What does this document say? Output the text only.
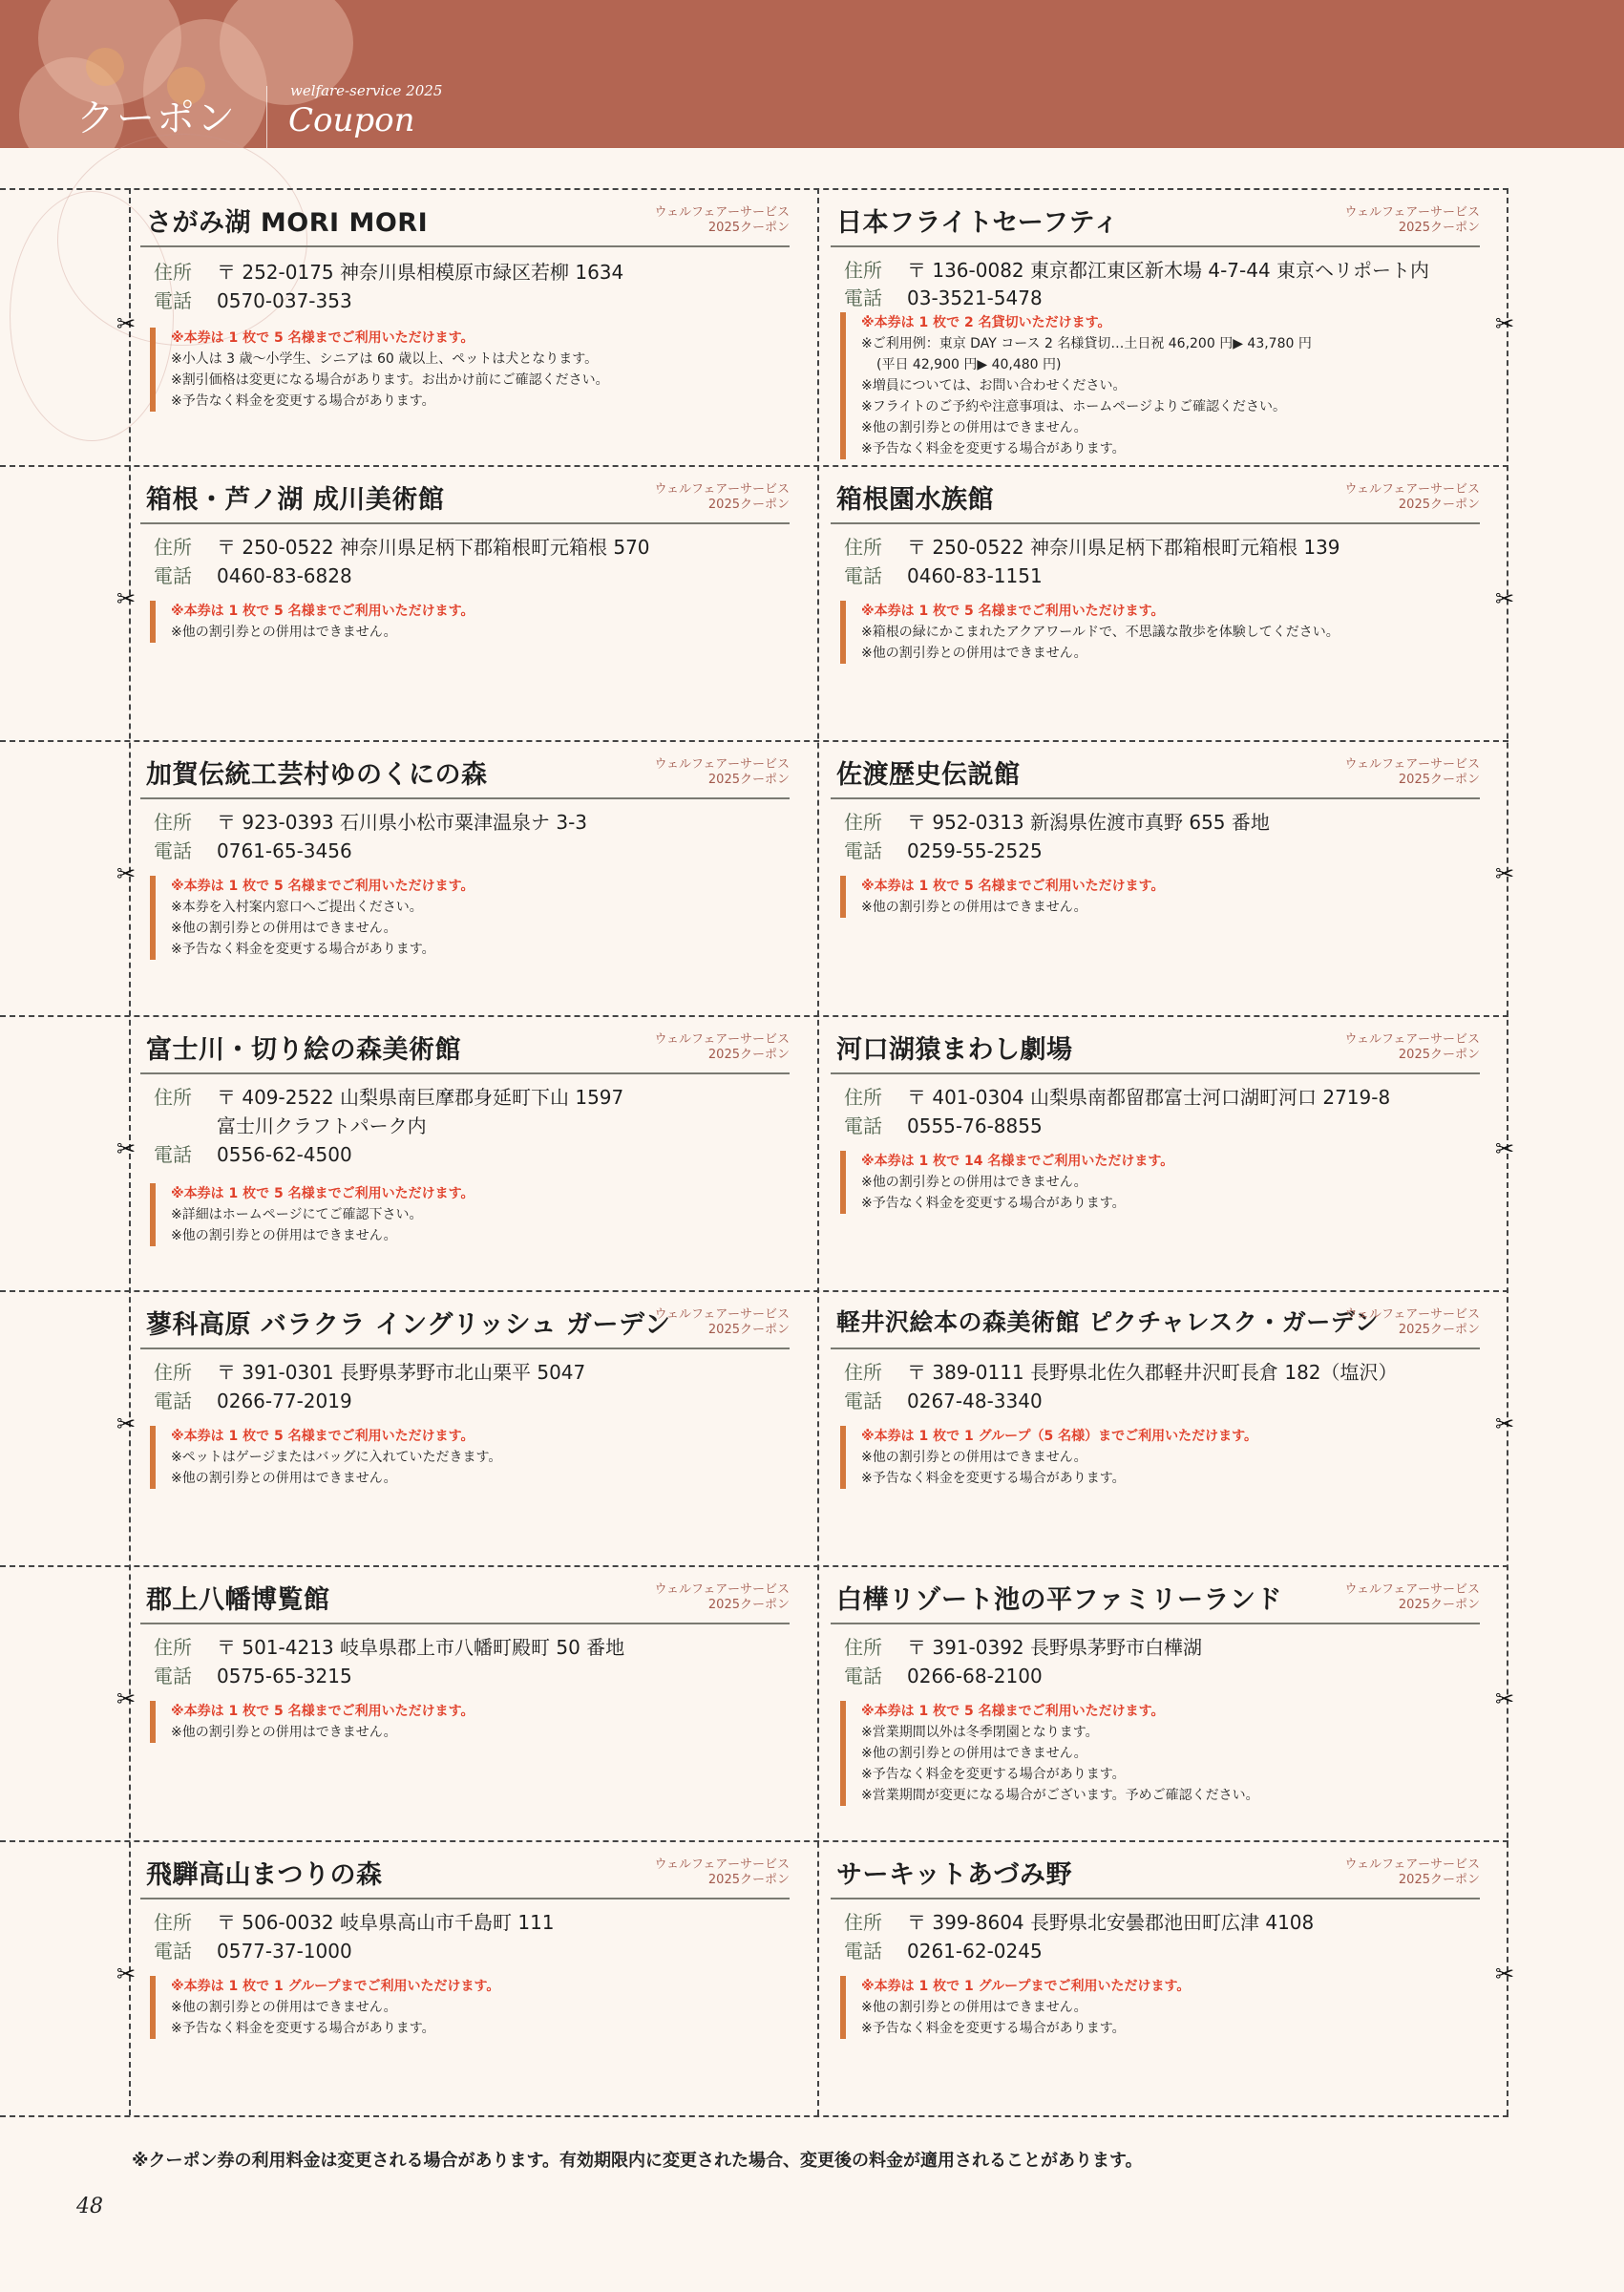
クーポン
welfare-service 2025
Coupon
✂	✂
✂	✂
✂	✂
✂	✂
✂	✂
✂	✂
✂	✂
さがみ湖 MORI MORI	ウェルフェアーサービス
2025クーポン
住所 〒 252-0175 神奈川県相模原市緑区若柳 1634
電話 0570-037-353
※本券は 1 枚で 5 名様までご利用いただけます。
※小人は 3 歳～小学生、シニアは 60 歳以上、ペットは犬となります。
※割引価格は変更になる場合があります。お出かけ前にご確認ください。
※予告なく料金を変更する場合があります。
日本フライトセーフティ	ウェルフェアーサービス
2025クーポン
住所 〒 136-0082 東京都江東区新木場 4-7-44 東京ヘリポート内
電話 03-3521-5478
※本券は 1 枚で 2 名貸切いただけます。
※ご利用例：東京 DAY コース 2 名様貸切…土日祝 46,200 円▶ 43,780 円
(平日 42,900 円▶ 40,480 円)
※増員については、お問い合わせください。
※フライトのご予約や注意事項は、ホームページよりご確認ください。
※他の割引券との併用はできません。
※予告なく料金を変更する場合があります。
箱根・芦ノ湖 成川美術館	ウェルフェアーサービス
2025クーポン
住所 〒 250-0522 神奈川県足柄下郡箱根町元箱根 570
電話 0460-83-6828
※本券は 1 枚で 5 名様までご利用いただけます。
※他の割引券との併用はできません。
箱根園水族館	ウェルフェアーサービス
2025クーポン
住所 〒 250-0522 神奈川県足柄下郡箱根町元箱根 139
電話 0460-83-1151
※本券は 1 枚で 5 名様までご利用いただけます。
※箱根の緑にかこまれたアクアワールドで、不思議な散歩を体験してください。
※他の割引券との併用はできません。
加賀伝統工芸村ゆのくにの森	ウェルフェアーサービス
2025クーポン
住所 〒 923-0393 石川県小松市粟津温泉ナ 3-3
電話 0761-65-3456
※本券は 1 枚で 5 名様までご利用いただけます。
※本券を入村案内窓口へご提出ください。
※他の割引券との併用はできません。
※予告なく料金を変更する場合があります。
佐渡歴史伝説館	ウェルフェアーサービス
2025クーポン
住所 〒 952-0313 新潟県佐渡市真野 655 番地
電話 0259-55-2525
※本券は 1 枚で 5 名様までご利用いただけます。
※他の割引券との併用はできません。
富士川・切り絵の森美術館	ウェルフェアーサービス
2025クーポン
住所 〒 409-2522 山梨県南巨摩郡身延町下山 1597
富士川クラフトパーク内
電話 0556-62-4500
※本券は 1 枚で 5 名様までご利用いただけます。
※詳細はホームページにてご確認下さい。
※他の割引券との併用はできません。
河口湖猿まわし劇場	ウェルフェアーサービス
2025クーポン
住所 〒 401-0304 山梨県南都留郡富士河口湖町河口 2719-8
電話 0555-76-8855
※本券は 1 枚で 14 名様までご利用いただけます。
※他の割引券との併用はできません。
※予告なく料金を変更する場合があります。
蓼科高原 バラクラ イングリッシュ ガーデン
ウェルフェアーサービス
2025クーポン
住所 〒 391-0301 長野県茅野市北山栗平 5047
電話 0266-77-2019
※本券は 1 枚で 5 名様までご利用いただけます。
※ペットはゲージまたはバッグに入れていただきます。
※他の割引券との併用はできません。
軽井沢絵本の森美術館 ピクチャレスク・ガーデン
ウェルフェアーサービス
2025クーポン
住所 〒 389-0111 長野県北佐久郡軽井沢町長倉 182（塩沢）
電話 0267-48-3340
※本券は 1 枚で 1 グループ（5 名様）までご利用いただけます。
※他の割引券との併用はできません。
※予告なく料金を変更する場合があります。
郡上八幡博覧館	ウェルフェアーサービス
2025クーポン
住所 〒 501-4213 岐阜県郡上市八幡町殿町 50 番地
電話 0575-65-3215
※本券は 1 枚で 5 名様までご利用いただけます。
※他の割引券との併用はできません。
白樺リゾート池の平ファミリーランド	ウェルフェアーサービス
2025クーポン
住所 〒 391-0392 長野県茅野市白樺湖
電話 0266-68-2100
※本券は 1 枚で 5 名様までご利用いただけます。
※営業期間以外は冬季閉園となります。
※他の割引券との併用はできません。
※予告なく料金を変更する場合があります。
※営業期間が変更になる場合がございます。予めご確認ください。
飛騨高山まつりの森	ウェルフェアーサービス
2025クーポン
住所 〒 506-0032 岐阜県高山市千島町 111
電話 0577-37-1000
※本券は 1 枚で 1 グループまでご利用いただけます。
※他の割引券との併用はできません。
※予告なく料金を変更する場合があります。
サーキットあづみ野	ウェルフェアーサービス
2025クーポン
住所 〒 399-8604 長野県北安曇郡池田町広津 4108
電話 0261-62-0245
※本券は 1 枚で 1 グループまでご利用いただけます。
※他の割引券との併用はできません。
※予告なく料金を変更する場合があります。
※クーポン券の利用料金は変更される場合があります。有効期限内に変更された場合、変更後の料金が適用されることがあります。
48
